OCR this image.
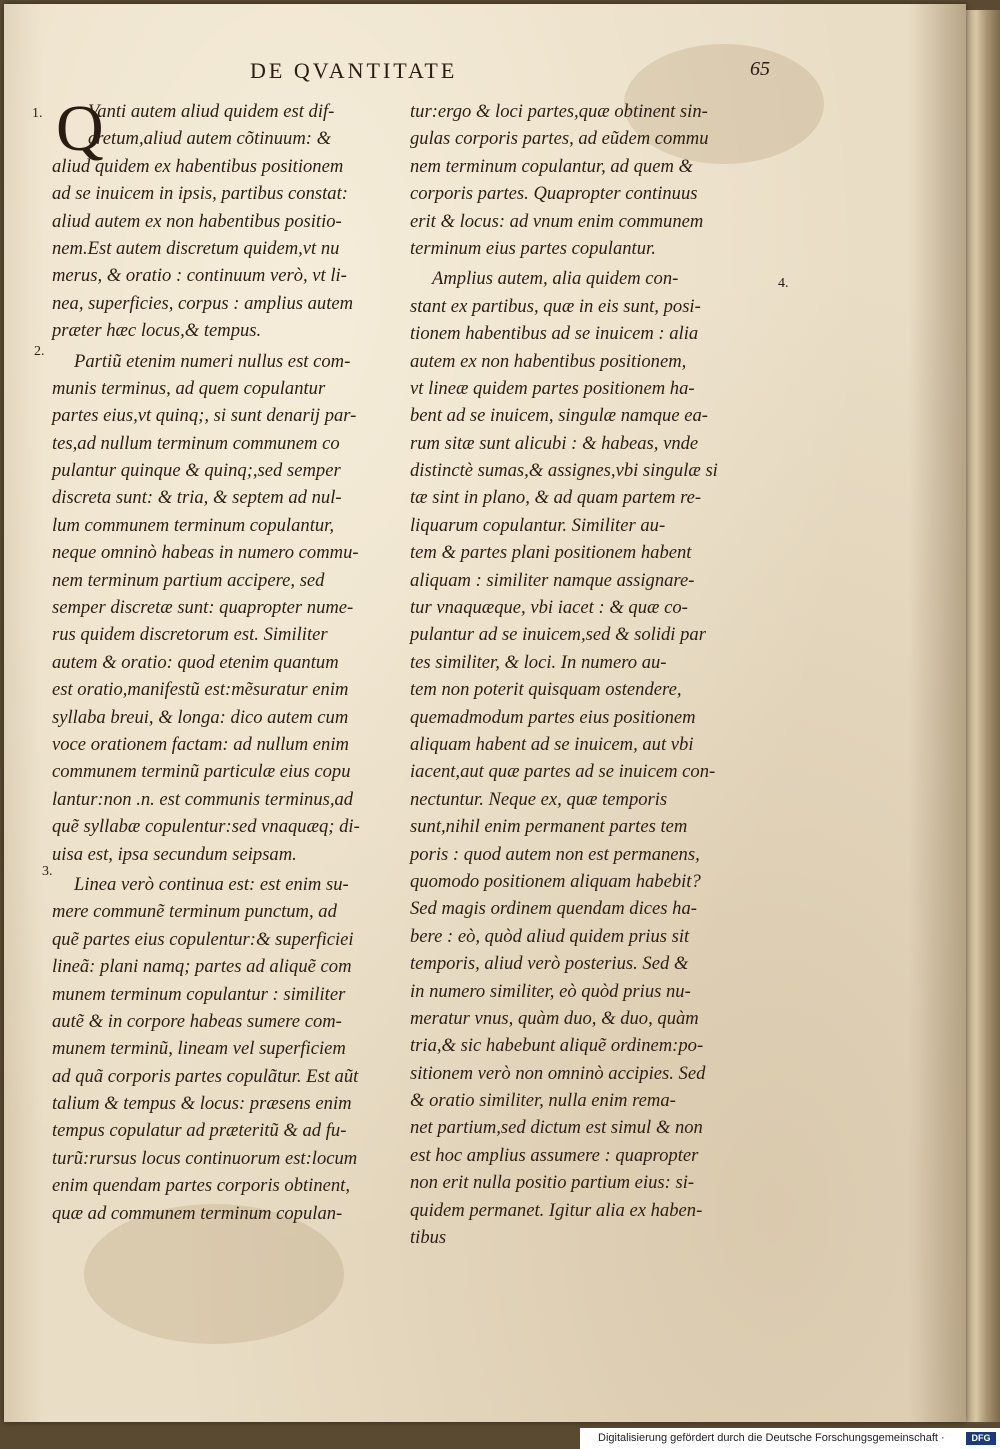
DE QVANTITATE	65
1.
2.
3.
4.
Q
Vanti autem aliud quidem est dif-
cretum,aliud autem cõtinuum: &
aliud quidem ex habentibus positionem
ad se inuicem in ipsis, partibus constat:
aliud autem ex non habentibus positio-
nem.Est autem discretum quidem,vt nu
merus, & oratio : continuum verò, vt li-
nea, superficies, corpus : amplius autem
præter hæc locus,& tempus.
Partiũ etenim numeri nullus est com-
munis terminus, ad quem copulantur
partes eius,vt quinq;, si sunt denarij par-
tes,ad nullum terminum communem co
pulantur quinque & quinq;,sed semper
discreta sunt: & tria, & septem ad nul-
lum communem terminum copulantur,
neque omninò habeas in numero commu-
nem terminum partium accipere, sed
semper discretæ sunt: quapropter nume-
rus quidem discretorum est. Similiter
autem & oratio: quod etenim quantum
est oratio,manifestũ est:mẽsuratur enim
syllaba breui, & longa: dico autem cum
voce orationem factam: ad nullum enim
communem terminũ particulæ eius copu
lantur:non .n. est communis terminus,ad
quẽ syllabæ copulentur:sed vnaquæq; di-
uisa est, ipsa secundum seipsam.
Linea verò continua est: est enim su-
mere communẽ terminum punctum, ad
quẽ partes eius copulentur:& superficiei
lineã: plani namq; partes ad aliquẽ com
munem terminum copulantur : similiter
autẽ & in corpore habeas sumere com-
munem terminũ, lineam vel superficiem
ad quã corporis partes copulãtur. Est aũt
talium & tempus & locus: præsens enim
tempus copulatur ad præteritũ & ad fu-
turũ:rursus locus continuorum est:locum
enim quendam partes corporis obtinent,
quæ ad communem terminum copulan-
tur:ergo & loci partes,quæ obtinent sin-
gulas corporis partes, ad eũdem commu
nem terminum copulantur, ad quem &
corporis partes. Quapropter continuus
erit & locus: ad vnum enim communem
terminum eius partes copulantur.
Amplius autem, alia quidem con-
stant ex partibus, quæ in eis sunt, posi-
tionem habentibus ad se inuicem : alia
autem ex non habentibus positionem,
vt lineæ quidem partes positionem ha-
bent ad se inuicem, singulæ namque ea-
rum sitæ sunt alicubi : & habeas, vnde
distinctè sumas,& assignes,vbi singulæ si
tæ sint in plano, & ad quam partem re-
liquarum copulantur. Similiter au-
tem & partes plani positionem habent
aliquam : similiter namque assignare-
tur vnaquæque, vbi iacet : & quæ co-
pulantur ad se inuicem,sed & solidi par
tes similiter, & loci. In numero au-
tem non poterit quisquam ostendere,
quemadmodum partes eius positionem
aliquam habent ad se inuicem, aut vbi
iacent,aut quæ partes ad se inuicem con-
nectuntur. Neque ex, quæ temporis
sunt,nihil enim permanent partes tem
poris : quod autem non est permanens,
quomodo positionem aliquam habebit?
Sed magis ordinem quendam dices ha-
bere : eò, quòd aliud quidem prius sit
temporis, aliud verò posterius. Sed &
in numero similiter, eò quòd prius nu-
meratur vnus, quàm duo, & duo, quàm
tria,& sic habebunt aliquẽ ordinem:po-
sitionem verò non omninò accipies. Sed
& oratio similiter, nulla enim rema-
net partium,sed dictum est simul & non
est hoc amplius assumere : quapropter
non erit nulla positio partium eius: si-
quidem permanet. Igitur alia ex haben-
tibus
Digitalisierung gefördert durch die Deutsche Forschungsgemeinschaft ·	DFG
